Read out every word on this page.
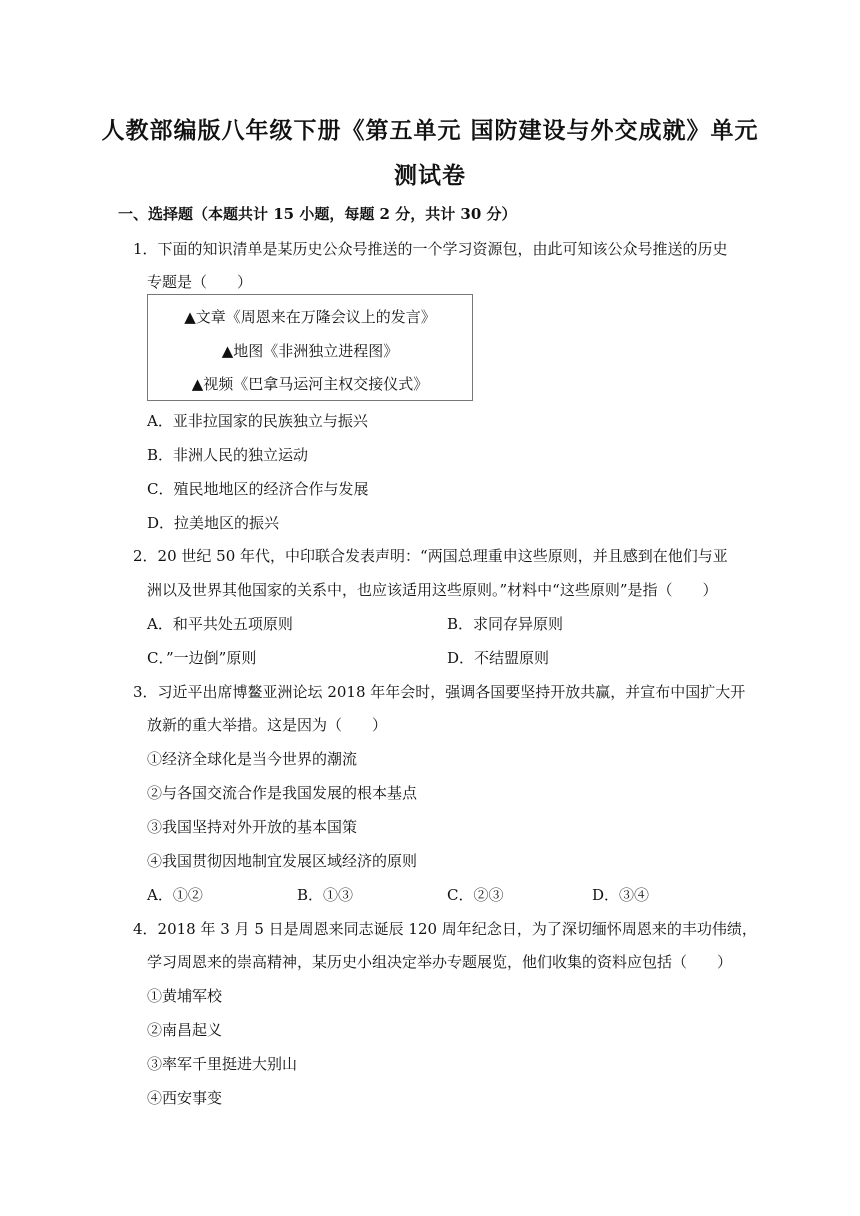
人教部编版八年级下册《第五单元 国防建设与外交成就》单元
测试卷
一、选择题（本题共计 15 小题，每题 2 分，共计 30 分）
1．下面的知识清单是某历史公众号推送的一个学习资源包，由此可知该公众号推送的历史
专题是（　　）
▲文章《周恩来在万隆会议上的发言》
▲地图《非洲独立进程图》
▲视频《巴拿马运河主权交接仪式》
A．亚非拉国家的民族独立与振兴
B．非洲人民的独立运动
C．殖民地地区的经济合作与发展
D．拉美地区的振兴
2．20 世纪 50 年代，中印联合发表声明：“两国总理重申这些原则，并且感到在他们与亚
洲以及世界其他国家的关系中，也应该适用这些原则。”材料中“这些原则”是指（　　）
A．和平共处五项原则	B．求同存异原则
C．”一边倒”原则	D．不结盟原则
3．习近平出席博鳌亚洲论坛 2018 年年会时，强调各国要坚持开放共赢，并宣布中国扩大开
放新的重大举措。这是因为（　　）
①经济全球化是当今世界的潮流
②与各国交流合作是我国发展的根本基点
③我国坚持对外开放的基本国策
④我国贯彻因地制宜发展区域经济的原则
A．①②	B．①③	C．②③	D．③④
4．2018 年 3 月 5 日是周恩来同志诞辰 120 周年纪念日，为了深切缅怀周恩来的丰功伟绩，
学习周恩来的崇高精神，某历史小组决定举办专题展览，他们收集的资料应包括（　　）
①黄埔军校
②南昌起义
③率军千里挺进大别山
④西安事变
